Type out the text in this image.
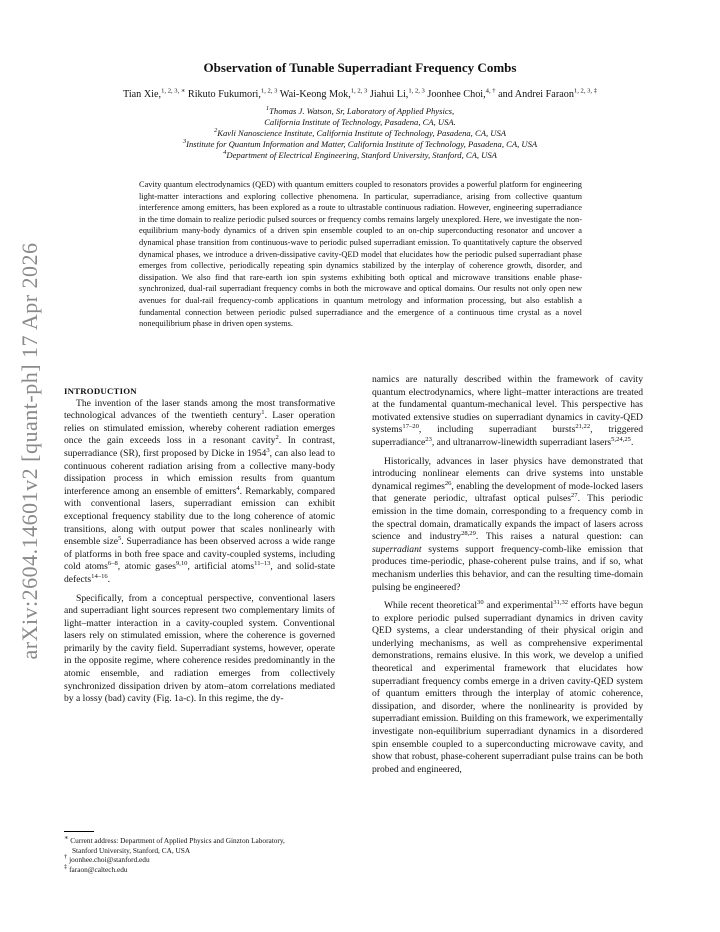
arXiv:2604.14601v2 [quant-ph] 17 Apr 2026
Observation of Tunable Superradiant Frequency Combs
Tian Xie,$^{1, 2, 3, ∗}$ Rikuto Fukumori,$^{1, 2, 3}$ Wai-Keong Mok,$^{1, 2, 3}$ Jiahui Li,$^{1, 2, 3}$ Joonhee Choi,$^{4, \dagger}$ and Andrei Faraon$^{1, 2, 3, \ddagger}$
$^1$Thomas J. Watson, Sr, Laboratory of Applied Physics,
California Institute of Technology, Pasadena, CA, USA.
$^2$Kavli Nanoscience Institute, California Institute of Technology, Pasadena, CA, USA
$^3$Institute for Quantum Information and Matter, California Institute of Technology, Pasadena, CA, USA
$^4$Department of Electrical Engineering, Stanford University, Stanford, CA, USA
Cavity quantum electrodynamics (QED) with quantum emitters coupled to resonators provides a powerful platform for engineering light-matter interactions and exploring collective phenomena. In particular, superradiance, arising from collective quantum interference among emitters, has been explored as a route to ultrastable continuous radiation. However, engineering superradiance in the time domain to realize periodic pulsed sources or frequency combs remains largely unexplored. Here, we investigate the non-equilibrium many-body dynamics of a driven spin ensemble coupled to an on-chip superconducting resonator and uncover a dynamical phase transition from continuous-wave to periodic pulsed superradiant emission. To quantitatively capture the observed dynamical phases, we introduce a driven-dissipative cavity-QED model that elucidates how the periodic pulsed superradiant phase emerges from collective, periodically repeating spin dynamics stabilized by the interplay of coherence growth, disorder, and dissipation. We also find that rare-earth ion spin systems exhibiting both optical and microwave transitions enable phase-synchronized, dual-rail superradiant frequency combs in both the microwave and optical domains. Our results not only open new avenues for dual-rail frequency-comb applications in quantum metrology and information processing, but also establish a fundamental connection between periodic pulsed superradiance and the emergence of a continuous time crystal as a novel nonequilibrium phase in driven open systems.

INTRODUCTION

The invention of the laser stands among the most transformative technological advances of the twentieth century$^1$. Laser operation relies on stimulated emission, whereby coherent radiation emerges once the gain exceeds loss in a resonant cavity$^2$. In contrast, superradiance (SR), first proposed by Dicke in 1954$^3$, can also lead to continuous coherent radiation arising from a collective many-body dissipation process in which emission results from quantum interference among an ensemble of emitters$^4$. Remarkably, compared with conventional lasers, superradiant emission can exhibit exceptional frequency stability due to the long coherence of atomic transitions, along with output power that scales nonlinearly with ensemble size$^5$. Superradiance has been observed across a wide range of platforms in both free space and cavity-coupled systems, including cold atoms$^{6-8}$, atomic gases$^{9,10}$, artificial atoms$^{11-13}$, and solid-state defects$^{14-16}$.

Specifically, from a conceptual perspective, conventional lasers and superradiant light sources represent two complementary limits of light–matter interaction in a cavity-coupled system. Conventional lasers rely on stimulated emission, where the coherence is governed primarily by the cavity field. Superradiant systems, however, operate in the opposite regime, where coherence resides predominantly in the atomic ensemble, and radiation emerges from collectively synchronized dissipation driven by atom–atom correlations mediated by a lossy (bad) cavity (Fig. 1a-c). In this regime, the dy-

namics are naturally described within the framework of cavity quantum electrodynamics, where light–matter interactions are treated at the fundamental quantum-mechanical level. This perspective has motivated extensive studies on superradiant dynamics in cavity-QED systems$^{17-20}$, including superradiant bursts$^{21,22}$, triggered superradiance$^{23}$, and ultranarrow-linewidth superradiant lasers$^{5,24,25}$.

Historically, advances in laser physics have demonstrated that introducing nonlinear elements can drive systems into unstable dynamical regimes$^{26}$, enabling the development of mode-locked lasers that generate periodic, ultrafast optical pulses$^{27}$. This periodic emission in the time domain, corresponding to a frequency comb in the spectral domain, dramatically expands the impact of lasers across science and industry$^{28,29}$. This raises a natural question: can superradiant systems support frequency-comb-like emission that produces time-periodic, phase-coherent pulse trains, and if so, what mechanism underlies this behavior, and can the resulting time-domain pulsing be engineered?

While recent theoretical$^{30}$ and experimental$^{31,32}$ efforts have begun to explore periodic pulsed superradiant dynamics in driven cavity QED systems, a clear understanding of their physical origin and underlying mechanisms, as well as comprehensive experimental demonstrations, remains elusive. In this work, we develop a unified theoretical and experimental framework that elucidates how superradiant frequency combs emerge in a driven cavity-QED system of quantum emitters through the interplay of atomic coherence, dissipation, and disorder, where the nonlinearity is provided by superradiant emission. Building on this framework, we experimentally investigate non-equilibrium superradiant dynamics in a disordered spin ensemble coupled to a superconducting microwave cavity, and show that robust, phase-coherent superradiant pulse trains can be both probed and engineered,

∗ Current address: Department of Applied Physics and Ginzton Laboratory,
Stanford University, Stanford, CA, USA
† joonhee.choi@stanford.edu
‡ faraon@caltech.edu
